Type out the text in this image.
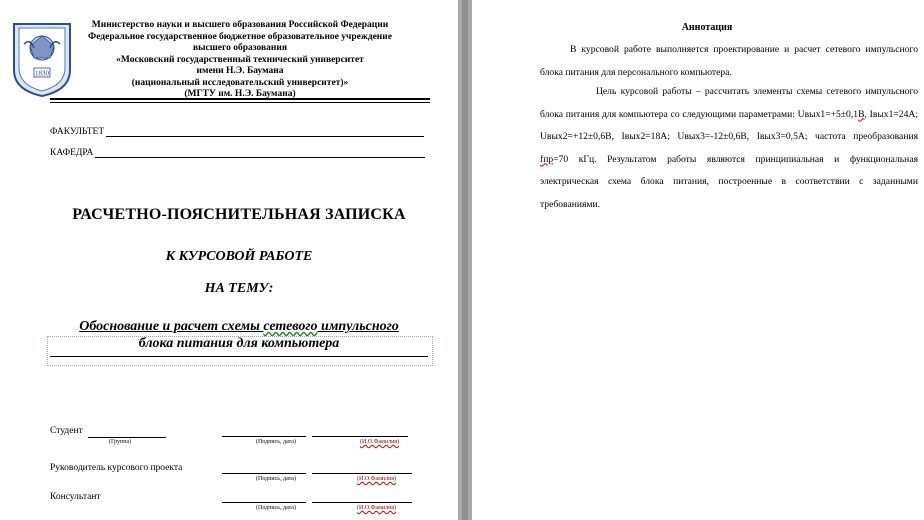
1830
Министерство науки и высшего образования Российской Федерации
Федеральное государственное бюджетное образовательное учреждение
высшего образования
«Московский государственный технический университет
имени Н.Э. Баумана
(национальный исследовательский университет)»
(МГТУ им. Н.Э. Баумана)
ФАКУЛЬТЕТ
КАФЕДРА
РАСЧЕТНО-ПОЯСНИТЕЛЬНАЯ ЗАПИСКА
К КУРСОВОЙ РАБОТЕ
НА ТЕМУ:
Обоснование и расчет схемы сетевого импульсного
блока питания для компьютера
Студент
(Группа)	(Подпись, дата)	(И.О.Фамилия)
Руководитель курсового проекта
(Подпись, дата)	(И.О.Фамилия)
Консультант
(Подпись, дата)	(И.О.Фамилия)
Аннотация
В курсовой работе выполняется проектирование и расчет сетевого импульсного блока питания для персонального компьютера.
Цель курсовой работы – рассчитать элементы схемы сетевого импульсного блока питания для компьютера со следующими параметрами: Uвых1=+5±0,1В, Iвых1=24А; Uвых2=+12±0,6В, Iвых2=18А; Uвых3=-12±0,6В, Iвых3=0,5А; частота преобразования fпр=70 кГц. Результатом работы являются принципиальная и функциональная электрическая схема блока питания, построенные в соответствии с заданными требованиями.
